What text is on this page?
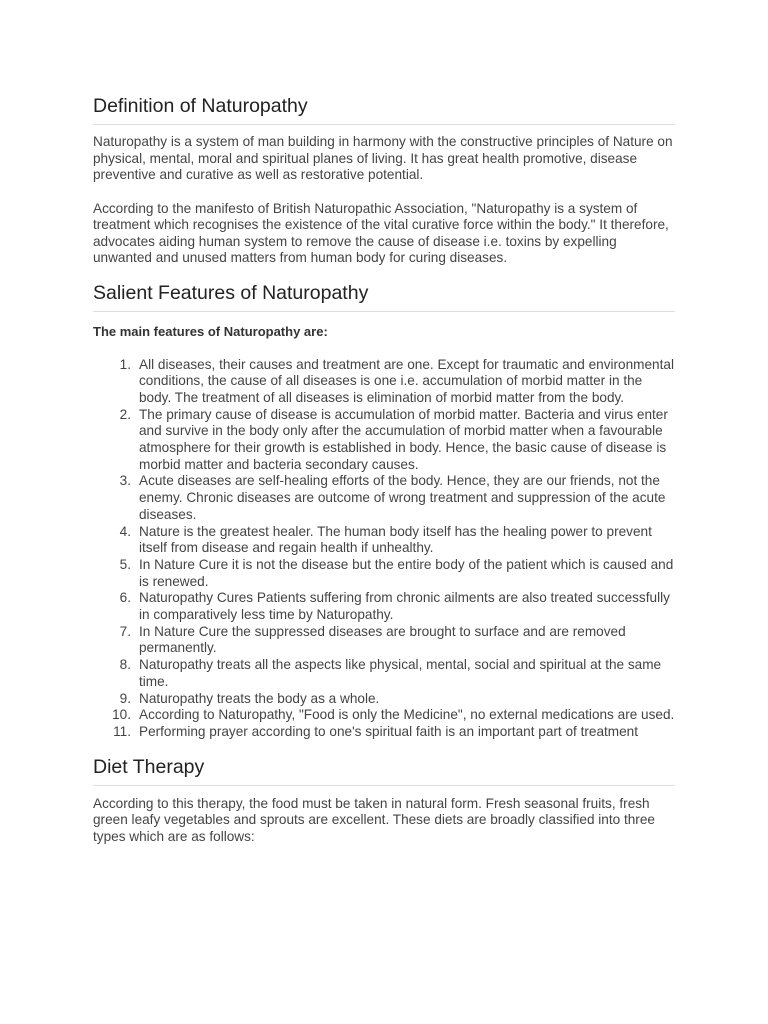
Definition of Naturopathy

Naturopathy is a system of man building in harmony with the constructive principles of Nature on physical, mental, moral and spiritual planes of living. It has great health promotive, disease preventive and curative as well as restorative potential.

According to the manifesto of British Naturopathic Association, "Naturopathy is a system of treatment which recognises the existence of the vital curative force within the body." It therefore, advocates aiding human system to remove the cause of disease i.e. toxins by expelling unwanted and unused matters from human body for curing diseases.

Salient Features of Naturopathy
The main features of Naturopathy are:
1. All diseases, their causes and treatment are one. Except for traumatic and environmental conditions, the cause of all diseases is one i.e. accumulation of morbid matter in the body. The treatment of all diseases is elimination of morbid matter from the body.
2. The primary cause of disease is accumulation of morbid matter. Bacteria and virus enter and survive in the body only after the accumulation of morbid matter when a favourable atmosphere for their growth is established in body. Hence, the basic cause of disease is morbid matter and bacteria secondary causes.
3. Acute diseases are self-healing efforts of the body. Hence, they are our friends, not the enemy. Chronic diseases are outcome of wrong treatment and suppression of the acute diseases.
4. Nature is the greatest healer. The human body itself has the healing power to prevent itself from disease and regain health if unhealthy.
5. In Nature Cure it is not the disease but the entire body of the patient which is caused and is renewed.
6. Naturopathy Cures Patients suffering from chronic ailments are also treated successfully in comparatively less time by Naturopathy.
7. In Nature Cure the suppressed diseases are brought to surface and are removed permanently.
8. Naturopathy treats all the aspects like physical, mental, social and spiritual at the same time.
9. Naturopathy treats the body as a whole.
10. According to Naturopathy, "Food is only the Medicine", no external medications are used.
11. Performing prayer according to one's spiritual faith is an important part of treatment
Diet Therapy

According to this therapy, the food must be taken in natural form. Fresh seasonal fruits, fresh green leafy vegetables and sprouts are excellent. These diets are broadly classified into three types which are as follows:
